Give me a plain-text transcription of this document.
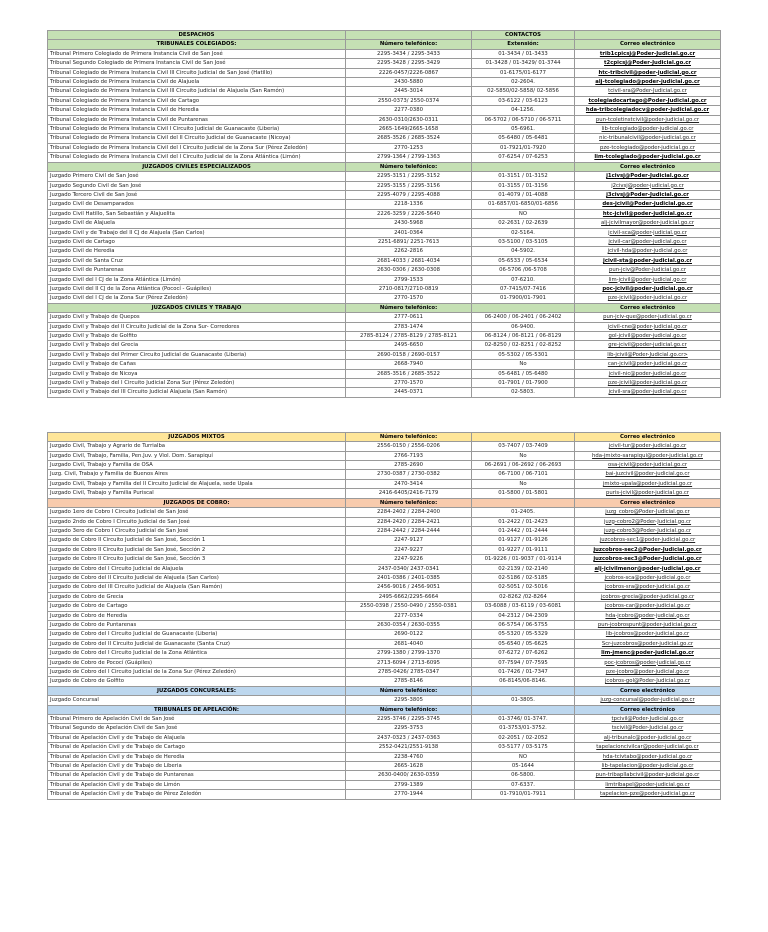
DESPACHOS		CONTACTOS	
TRIBUNALES COLEGIADOS:	Número telefónico:	Extensión:	Correo electrónico
Tribunal Primero Colegiado de Primera Instancia Civil de San José	2295-3434 / 2295-3433	01-3434 / 01-3433	trib1cpicsj@Poder-Judicial.go.cr
Tribunal Segundo Colegiado de Primera Instancia Civil de San José	2295-3428 / 2295-3429	01-3428 / 01-3429/ 01-3744	t2cpicsj@Poder-Judicial.go.cr
Tribunal Colegiado de Primera Instancia Civil III Circuito Judicial de San José (Hatillo)	2226-0457/2226-0867	01-6175/01-6177	htc-tribcivil@poder-judicial.go.cr
Tribunal Colegiado de Primera Instancia Civil de Alajuela	2430-5880	02-2604.	alj-tcolegiado@poder-judicial.go.cr
Tribunal Colegiado de Primera Instancia Civil III Circuito Judicial de Alajuela (San Ramón)	2445-3014	02-5850/02-5858/ 02-5856	tcivil-sra@Poder-Judicial.go.cr
Tribunal Colegiado de Primera Instancia Civil de Cartago	2550-0373/ 2550-0374	03-6122 / 03-6123	tcolegiadocartago@Poder-Judicial.go.cr
Tribunal Colegiado de Primera Instancia Civil de Heredia	2277-0380	04-1256.	hda-tribcolegiadocv@poder-judicial.go.cr
Tribunal Colegiado de Primera Instancia Civil de Puntarenas	2630-0310/2630-0311	06-5702 / 06-5710 / 06-5711	pun-tcoletinstcivil@poder-judicial.go.cr
Tribunal Colegiado de Primera Instancia Civil I Circuito Judicial de Guanacaste (Liberia)	2665-1649/2665-1658	05-6961.	lib-tcolegiado@poder-judicial.go.cr
Tribunal Colegiado de Primera Instancia Civil del II Circuito Judicial de Guanacaste (Nicoya)	2685-3526 / 2685-3524	05-6480 / 05-6481	nic-tribunalcivil@poder-judicial.go.cr
Tribunal Colegiado de Primera Instancia Civil del I Circuito Judicial de la Zona Sur (Pérez Zeledón)	2770-1253	01-7921/01-7920	pze-tcolegiado@poder-judicial.go.cr
Tribunal Colegiado de Primera Instancia Civil del I Circuito Judicial de la Zona Atlántica (Limón)	2799-1364 / 2799-1363	07-6254 / 07-6253	lim-tcolegiado@poder-judicial.go.cr
JUZGADOS CIVILES ESPECIALIZADOS	Número telefónico:		Correo electrónico
Juzgado Primero Civil de San José	2295-3151 / 2295-3152	01-3151 / 01-3152	j1civsj@Poder-Judicial.go.cr
Juzgado Segundo Civil de San José	2295-3155 / 2295-3156	01-3155 / 01-3156	j2civsj@poder-judicial.go.cr
Juzgado Tercero Civil de San José	2295-4079 / 2295-4088	01-4079 / 01-4088	j3civsj@Poder-Judicial.go.cr
Juzgado Civil de Desamparados	2218-1336	01-6857/01-6850/01-6856	des-jcivil@Poder-judicial.go.cr
Juzgado Civil Hatillo, San Sebastián y Alajuelita	2226-3259 / 2226-5640	NO	htc-jcivil@poder-judicial.go.cr
Juzgado Civil de Alajuela	2430-5968	02-2631 / 02-2639	alj-jcivilmayor@poder-judicial.go.cr
Juzgado Civil y de Trabajo del II CJ de Alajuela (San Carlos)	2401-0364	02-5164.	jcivil-sca@poder-judicial.go.cr
Juzgado Civil de Cartago	2251-6891/ 2251-7613	03-5100 / 03-5105	jcivil-car@poder-judicial.go.cr
Juzgado Civil de Heredia	2262-2816	04-5902.	jcivil-hda@poder-judicial.go.cr
Juzgado Civil de Santa Cruz	2681-4033 / 2681-4034	05-6533 / 05-6534	jcivil-sta@poder-judicial.go.cr
Juzgado Civil de Puntarenas	2630-0306 / 2630-0308	06-5706 /06-5708	pun-jciv@Poder-Judicial.go.cr
Juzgado Civil del I CJ de la Zona Atlántica (Limón)	2799-1533	07-6210.	lim-jcivil@poder-judicial.go.cr
Juzgado Civil del II CJ de la Zona Atlántica (Pococí - Guápiles)	2710-0817/2710-0819	07-7415/07-7416	poc-jcivil@poder-judicial.go.cr
Juzgado Civil del I CJ de la Zona Sur (Pérez Zeledón)	2770-1570	01-7900/01-7901	pze-jcivil@poder-judicial.go.cr
JUZGADOS CIVILES Y TRABAJO	Número telefónico:		Correo electrónico
Juzgado Civil y Trabajo de Quepos	2777-0611	06-2400 / 06-2401 / 06-2402	pun-jciv-que@poder-judicial.go.cr
Juzgado Civil y Trabajo del II Circuito Judicial de la Zona Sur- Corredores	2783-1474	06-9400.	jcivil-cne@poder-judicial.go.cr
Juzgado Civil y Trabajo de Golfito	2785-8124 / 2785-8129 / 2785-8121	06-8124 / 06-8121 / 06-8129	gol-jcivil@poder-judicial.go.cr
Juzgado Civil y Trabajo del Grecia	2495-6650	02-8250 / 02-8251 / 02-8252	gre-jcivil@poder-judicial.go.cr
Juzgado Civil y Trabajo del Primer Circuito Judicial de Guanacaste (Liberia)	2690-0158 / 2690-0157	05-5302 / 05-5301	lib-jcivil@Poder-Judicial.go.cr>
Juzgado Civil y Trabajo de Cañas	2668-7940	No	can-jcivil@poder-judicial.go.cr
Juzgado Civil y Trabajo de Nicoya	2685-3516 / 2685-3522	05-6481 / 05-6480	jcivil-nic@poder-judicial.go.cr
Juzgado Civil y Trabajo del I Circuito Judicial Zona Sur (Pérez Zeledón)	2770-1570	01-7901 / 01-7900	pze-jcivil@poder-judicial.go.cr
Juzgado Civil y Trabajo del III Circuito Judicial Alajuela (San Ramón)	2445-0371	02-5803.	jcivil-sra@poder-judicial.go.cr

JUZGADOS MIXTOS	Número telefónico:		Correo electrónico
Juzgado Civil, Trabajo y Agrario de Turrialba	2556-0150 / 2556-0206	03-7407 / 03-7409	jcivil-tur@poder-judicial.go.cr
Juzgado Civil, Trabajo, Familia, Pen.Juv. y Viol. Dom. Sarapiquí	2766-7193	No	hda-jmixto-sarapiqui@poder-judicial.go.cr
Juzgado Civil, Trabajo y Familia de OSA	2785-2690	06-2691 / 06-2692 / 06-2693	osa-jcivil@poder-judicial.go.cr
Juzg. Civil, Trabajo y Familia de Buenos Aires	2730-0387 / 2730-0382	06-7100 / 06-7101	bai-juzcivil@poder-judicial.go.cr
Juzgado Civil, Trabajo y Familia del II Circuito Judicial de Alajuela, sede Upala	2470-3414	No	jmixto-upala@poder-judicial.go.cr
Juzgado Civil, Trabajo y Familia Puriscal	2416-6405/2416-7179	01-5800 / 01-5801	puris-jcivil@poder-judicial.go.cr
JUZGADOS DE COBRO:	Número telefónico:		Correo electrónico
Juzgado 1ero de Cobro I Circuito Judicial de San José	2284-2402 / 2284-2400	01-2405.	juzg_cobro@Poder-Judicial.go.cr
Juzgado 2ndo de Cobro I Circuito Judicial de San José	2284-2420 / 2284-2421	01-2422 / 01-2423	juzg-cobro2@Poder-Judicial.go.cr
Juzgado 3ero de Cobro I Circuito Judicial de San José	2284-2442 / 2284-2444	01-2442 / 01-2444	juzg-cobro3@Poder-Judicial.go.cr
Juzgado de Cobro II Circuito Judicial de San José, Sección 1	2247-9127	01-9127 / 01-9126	juzcobros-sec1@poder-judicial.go.cr
Juzgado de Cobro II Circuito Judicial de San José, Sección 2	2247-9227	01-9227 / 01-9111	juzcobros-sec2@Poder-Judicial.go.cr
Juzgado de Cobro II Circuito Judicial de San José, Sección 3	2247-9226	01-9226 / 01-9037 / 01-9114	juzcobros-sec3@Poder-Judicial.go.cr
Juzgado de Cobro del I Circuito Judicial de Alajuela	2437-0340/ 2437-0341	02-2139 / 02-2140	alj-jcivilmenor@poder-judicial.go.cr
Juzgado de Cobro del II Circuito Judicial de Alajuela (San Carlos)	2401-0386 / 2401-0385	02-5186 / 02-5185	jcobros-sca@poder-judicial.go.cr
Juzgado de Cobro del III Circuito Judicial de Alajuela (San Ramón)	2456-9016 / 2456-9051	02-5051 / 02-5016	jcobros-sra@poder-judicial.go.cr
Juzgado de Cobro de Grecia	2495-6662/2295-6664	02-8262 /02-8264	jcobros-grecia@poder-judicial.go.cr
Juzgado de Cobro de Cartago	2550-0398 / 2550-0490 / 2550-0381	03-6088 / 03-6119 / 03-6081	jcobros-car@poder-judicial.go.cr
Juzgado de Cobro de Heredia	2277-0334	04-2312 / 04-2309	hda-jcobro@poder-judicial.go.cr
Juzgado de Cobro de Puntarenas	2630-0354 / 2630-0355	06-5754 / 06-5755	pun-jcobrospunt@poder-judicial.go.cr
Juzgado de Cobro del I Circuito Judicial de Guanacaste (Liberia)	2690-0122	05-5320 / 05-5329	lib-jcobros@poder-judicial.go.cr
Juzgado de Cobro del II Circuito Judicial de Guanacaste (Santa Cruz)	2681-4040	05-6540 / 05-6625	Scr-juzcobros@poder-judicial.go.cr
Juzgado de Cobro del I Circuito Judicial de la Zona Atlántica	2799-1380 / 2799-1370	07-6272 / 07-6262	lim-jmenc@poder-judicial.go.cr
Juzgado de Cobro de Pococí (Guápiles)	2713-6094 / 2713-6095	07-7594 / 07-7595	poc-jcobros@poder-judicial.go.cr
Juzgado de Cobro del I Circuito Judicial de la Zona Sur (Pérez Zeledón)	2785-0426/ 2785-0347	01-7426 / 01-7347	pze-jcobro@poder-judicial.go.cr
Juzgado de Cobro de Golfito	2785-8146	06-8145/06-8146.	jcobros-gol@Poder-Judicial.go.cr
JUZGADOS CONCURSALES:	Número telefónico:		Correo electrónico
Juzgado Concursal	2295-3805	01-3805.	juzg-concursal@poder-judicial.go.cr
TRIBUNALES DE APELACIÓN:	Número telefónico:		Correo electrónico
Tribunal Primero de Apelación Civil de San José	2295-3746 / 2295-3745	01-3746/ 01-3747.	tpcivil@Poder-Judicial.go.cr
Tribunal Segundo de Apelación Civil de San José	2295-3753	01-3753/01-3752.	tscivil@Poder-Judicial.go.cr
Tribunal de Apelación Civil y de Trabajo de Alajuela	2437-0323 / 2437-0363	02-2051 / 02-2052	alj-tribunalc@poder-judicial.go.cr
Tribunal de Apelación Civil y de Trabajo de Cartago	2552-0421/2551-9138	03-5177 / 03-5175	tapelacioncivilcar@poder-judicial.go.cr
Tribunal de Apelación Civil y de Trabajo de Heredia	2238-4760	NO	hda-tcivtabo@poder-judicial.go.cr
Tribunal de Apelación Civil y de Trabajo de Liberia	2665-1628	05-1644	lib-tapelacion@poder-judicial.go.cr
Tribunal de Apelación Civil y de Trabajo de Puntarenas	2630-0400/ 2630-0359	06-5800.	pun-tribapllabcivil@poder-judicial.go.cr
Tribunal de Apelación Civil y de Trabajo de Limón	2799-1389	07-6337.	limtribapel@poder-judicial.go.cr
Tribunal de Apelación Civil y de Trabajo de Pérez Zeledón	2770-1944	01-7910/01-7911	tapelacion-pze@poder-judicial.go.cr
